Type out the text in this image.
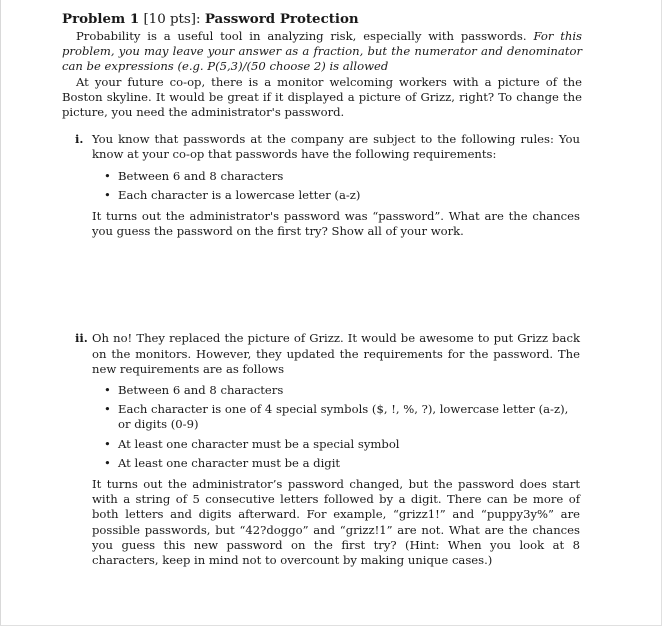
Problem 1 [10 pts]: Password Protection

Probability is a useful tool in analyzing risk, especially with passwords. For this problem, you may leave your answer as a fraction, but the numerator and denominator can be expressions (e.g. P(5,3)/(50 choose 2) is allowed

At your future co-op, there is a monitor welcoming workers with a picture of the Boston skyline. It would be great if it displayed a picture of Grizz, right? To change the picture, you need the administrator's password.

i. You know that passwords at the company are subject to the following rules: You know at your co-op that passwords have the following requirements:

• Between 6 and 8 characters
• Each character is a lowercase letter (a-z)

It turns out the administrator's password was “password”. What are the chances you guess the password on the first try? Show all of your work.

ii. Oh no! They replaced the picture of Grizz. It would be awesome to put Grizz back on the monitors. However, they updated the requirements for the password. The new requirements are as follows

• Between 6 and 8 characters
• Each character is one of 4 special symbols ($, !, %, ?), lowercase letter (a-z), or digits (0-9)
• At least one character must be a special symbol
• At least one character must be a digit

It turns out the administrator’s password changed, but the password does start with a string of 5 consecutive letters followed by a digit. There can be more of both letters and digits afterward. For example, “grizz1!” and “puppy3y%” are possible passwords, but “42?doggo” and “grizz!1” are not. What are the chances you guess this new password on the first try? (Hint: When you look at 8 characters, keep in mind not to overcount by making unique cases.)
